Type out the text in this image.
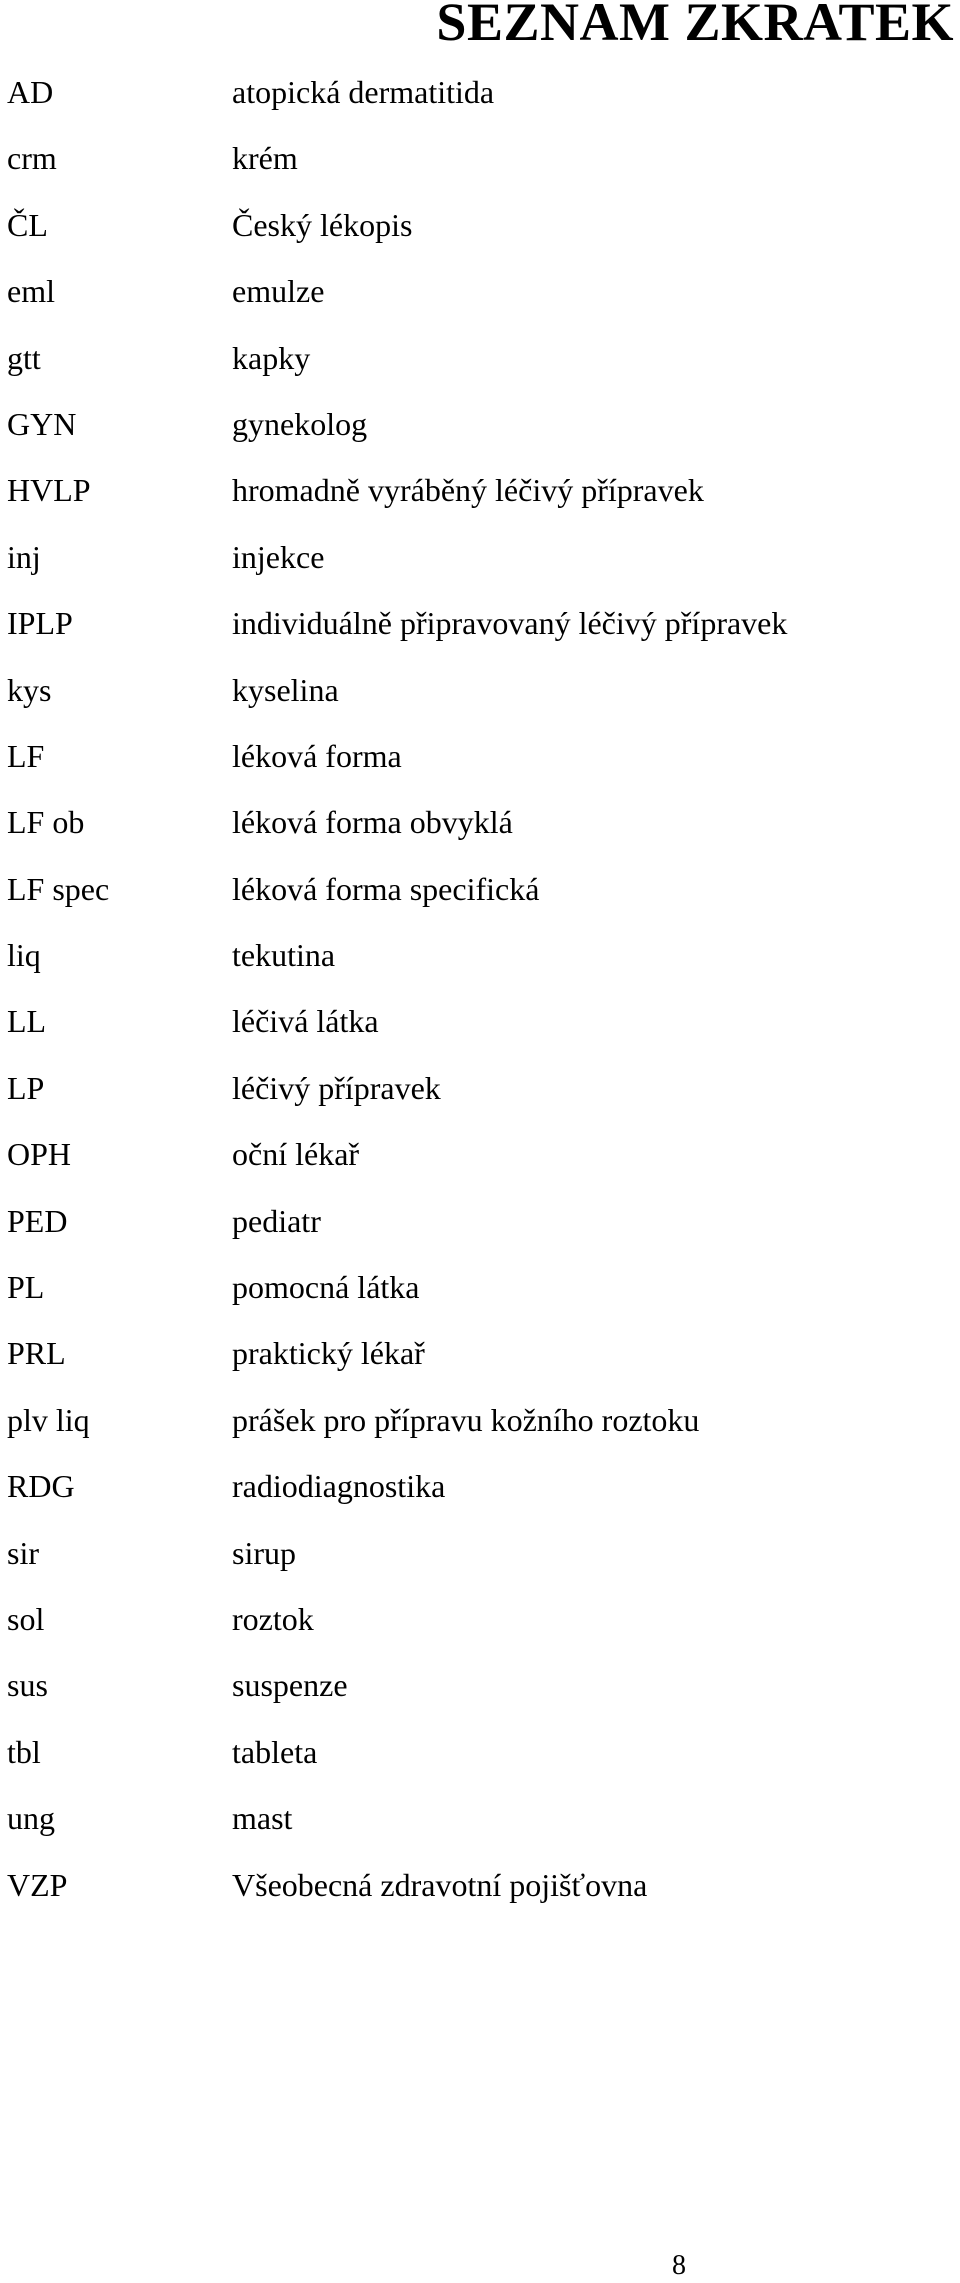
SEZNAM ZKRATEK
AD	atopická dermatitida
crm	krém
ČL	Český lékopis
eml	emulze
gtt	kapky
GYN	gynekolog
HVLP	hromadně vyráběný léčivý přípravek
inj	injekce
IPLP	individuálně připravovaný léčivý přípravek
kys	kyselina
LF	léková forma
LF ob	léková forma obvyklá
LF spec	léková forma specifická
liq	tekutina
LL	léčivá látka
LP	léčivý přípravek
OPH	oční lékař
PED	pediatr
PL	pomocná látka
PRL	praktický lékař
plv liq	prášek pro přípravu kožního roztoku
RDG	radiodiagnostika
sir	sirup
sol	roztok
sus	suspenze
tbl	tableta
ung	mast
VZP	Všeobecná zdravotní pojišťovna
8
